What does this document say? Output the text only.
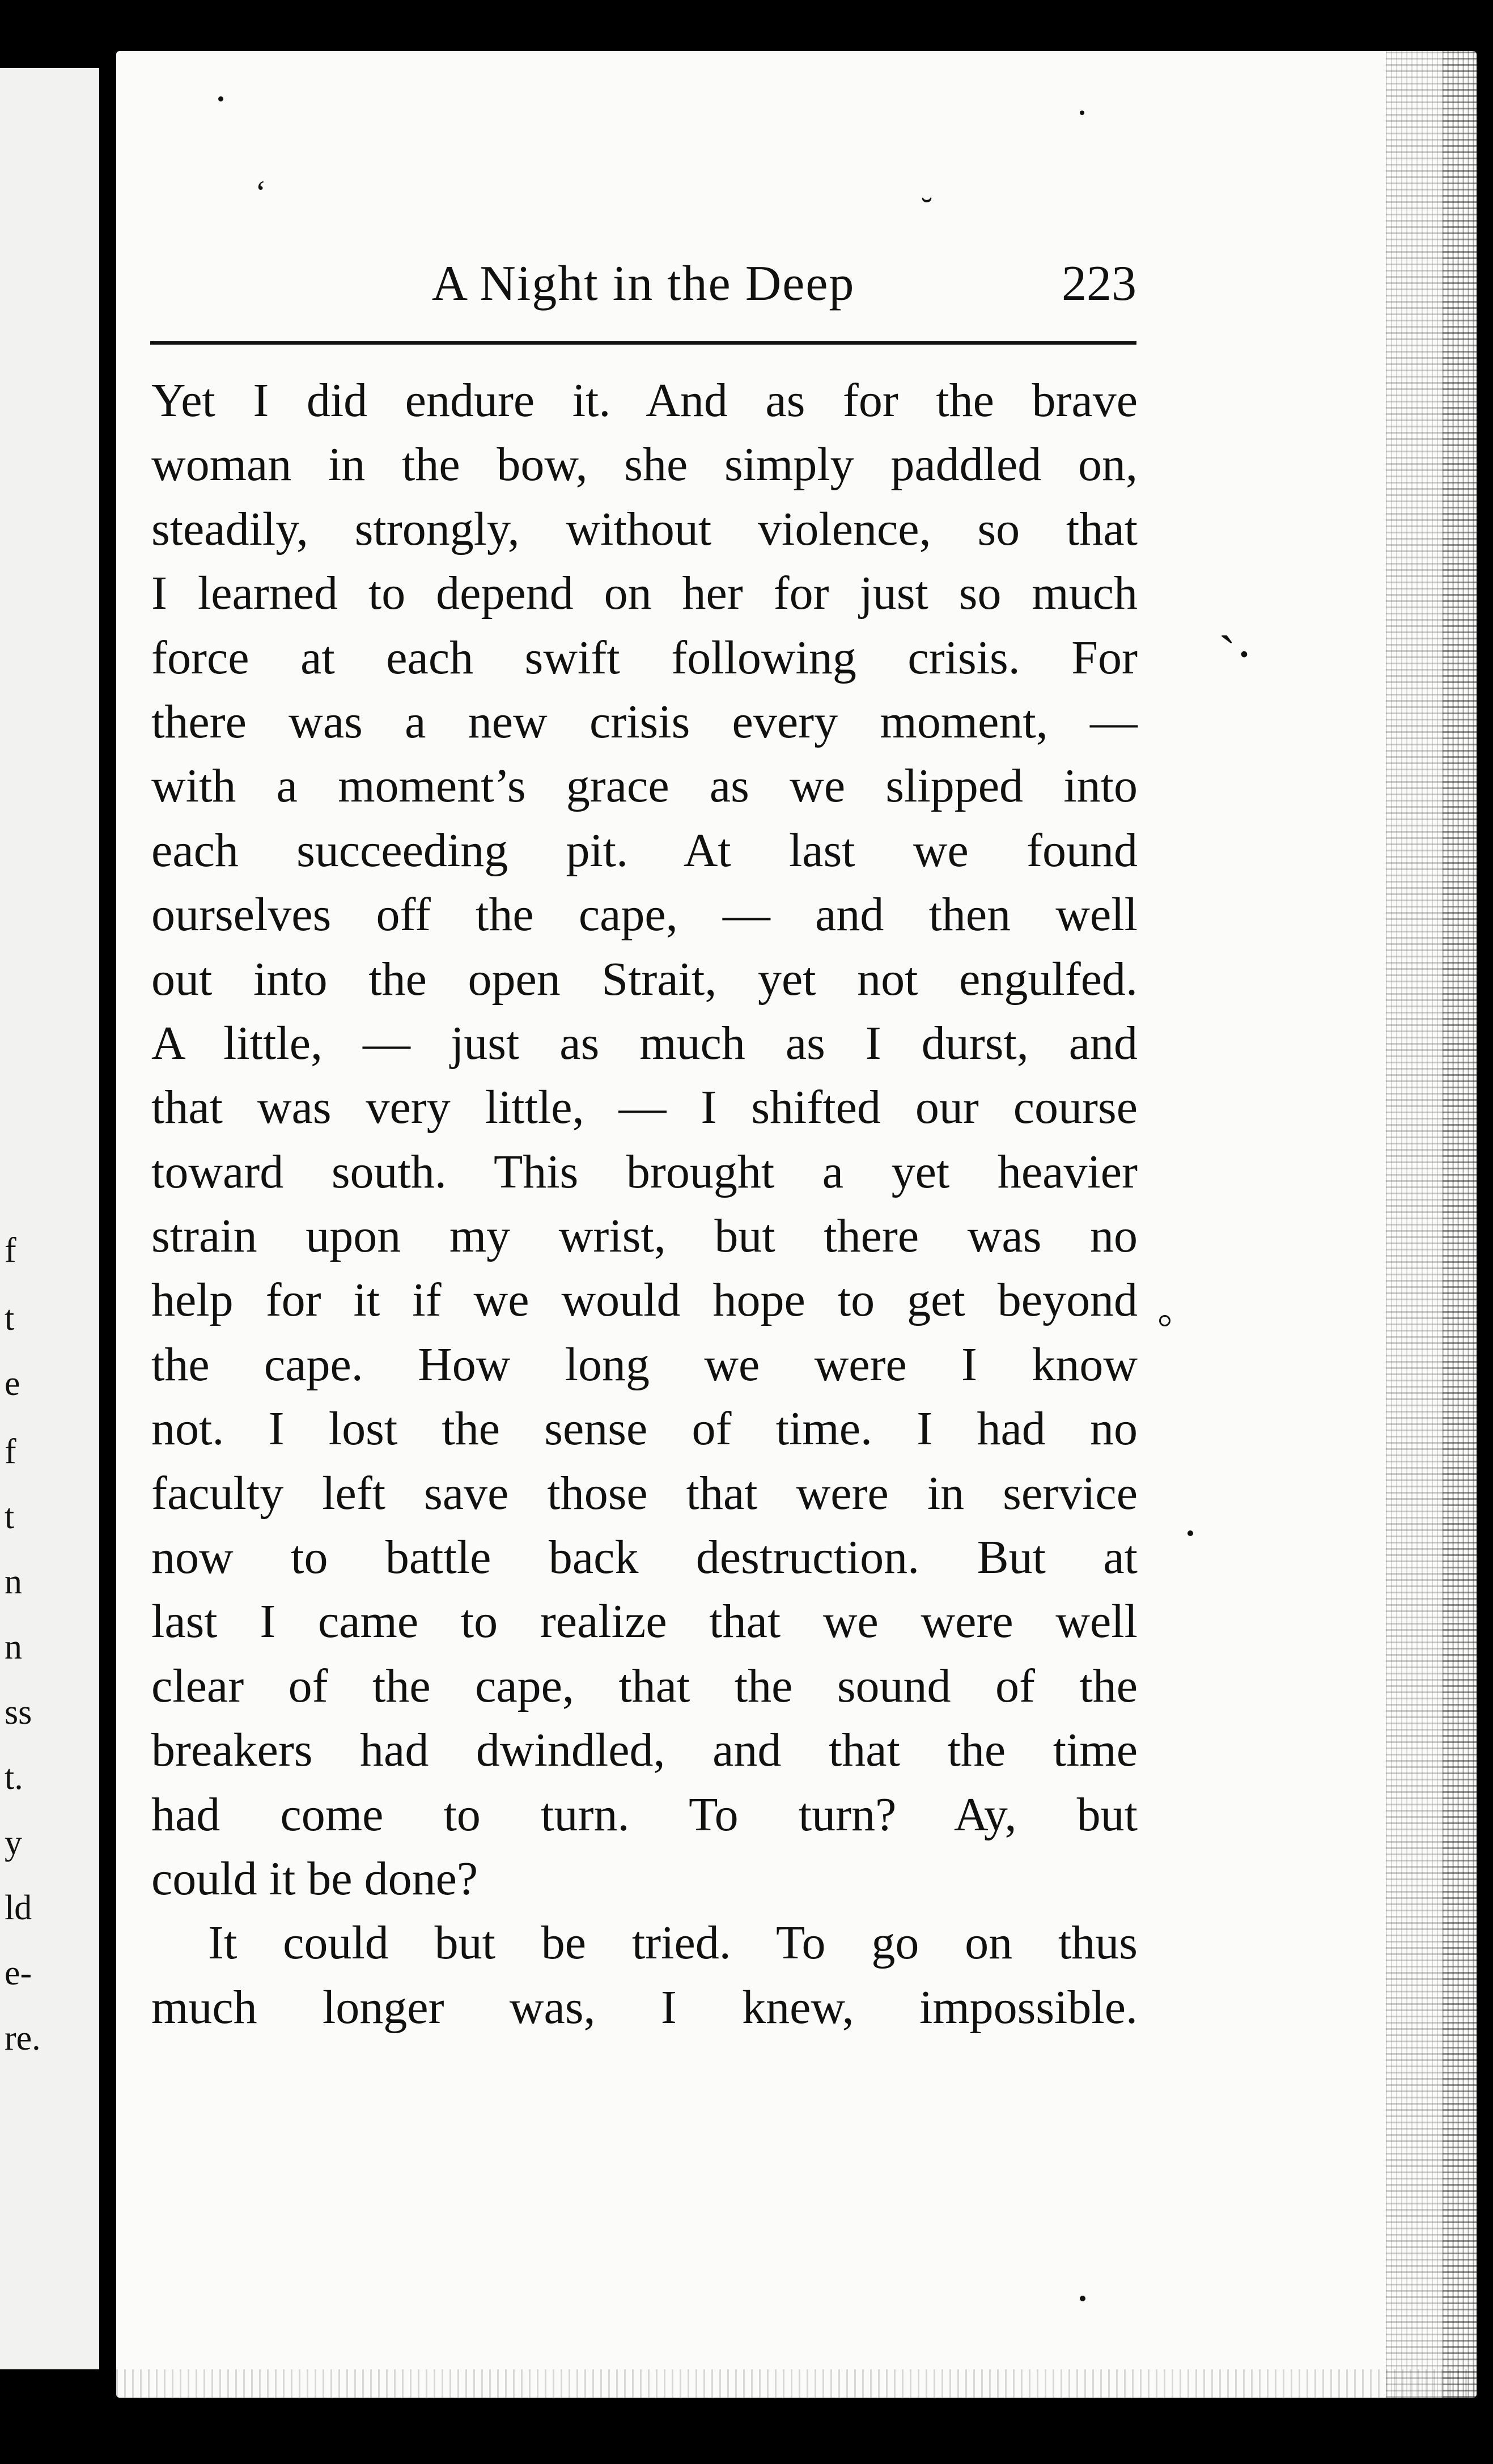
f
t
e
f
t
n
n
ss
t.
y
ld
e-
re.
ʻ	˘
ˋ·
A Night in the Deep	223
Yet I did endure it. And as for the brave
woman in the bow, she simply paddled on,
steadily, strongly, without violence, so that
I learned to depend on her for just so much
force at each swift following crisis. For
there was a new crisis every moment, —
with a moment’s grace as we slipped into
each succeeding pit. At last we found
ourselves off the cape, — and then well
out into the open Strait, yet not engulfed.
A little, — just as much as I durst, and
that was very little, — I shifted our course
toward south. This brought a yet heavier
strain upon my wrist, but there was no
help for it if we would hope to get beyond
the cape. How long we were I know
not. I lost the sense of time. I had no
faculty left save those that were in service
now to battle back destruction. But at
last I came to realize that we were well
clear of the cape, that the sound of the
breakers had dwindled, and that the time
had come to turn. To turn? Ay, but
could it be done?
It could but be tried. To go on thus
much longer was, I knew, impossible.
